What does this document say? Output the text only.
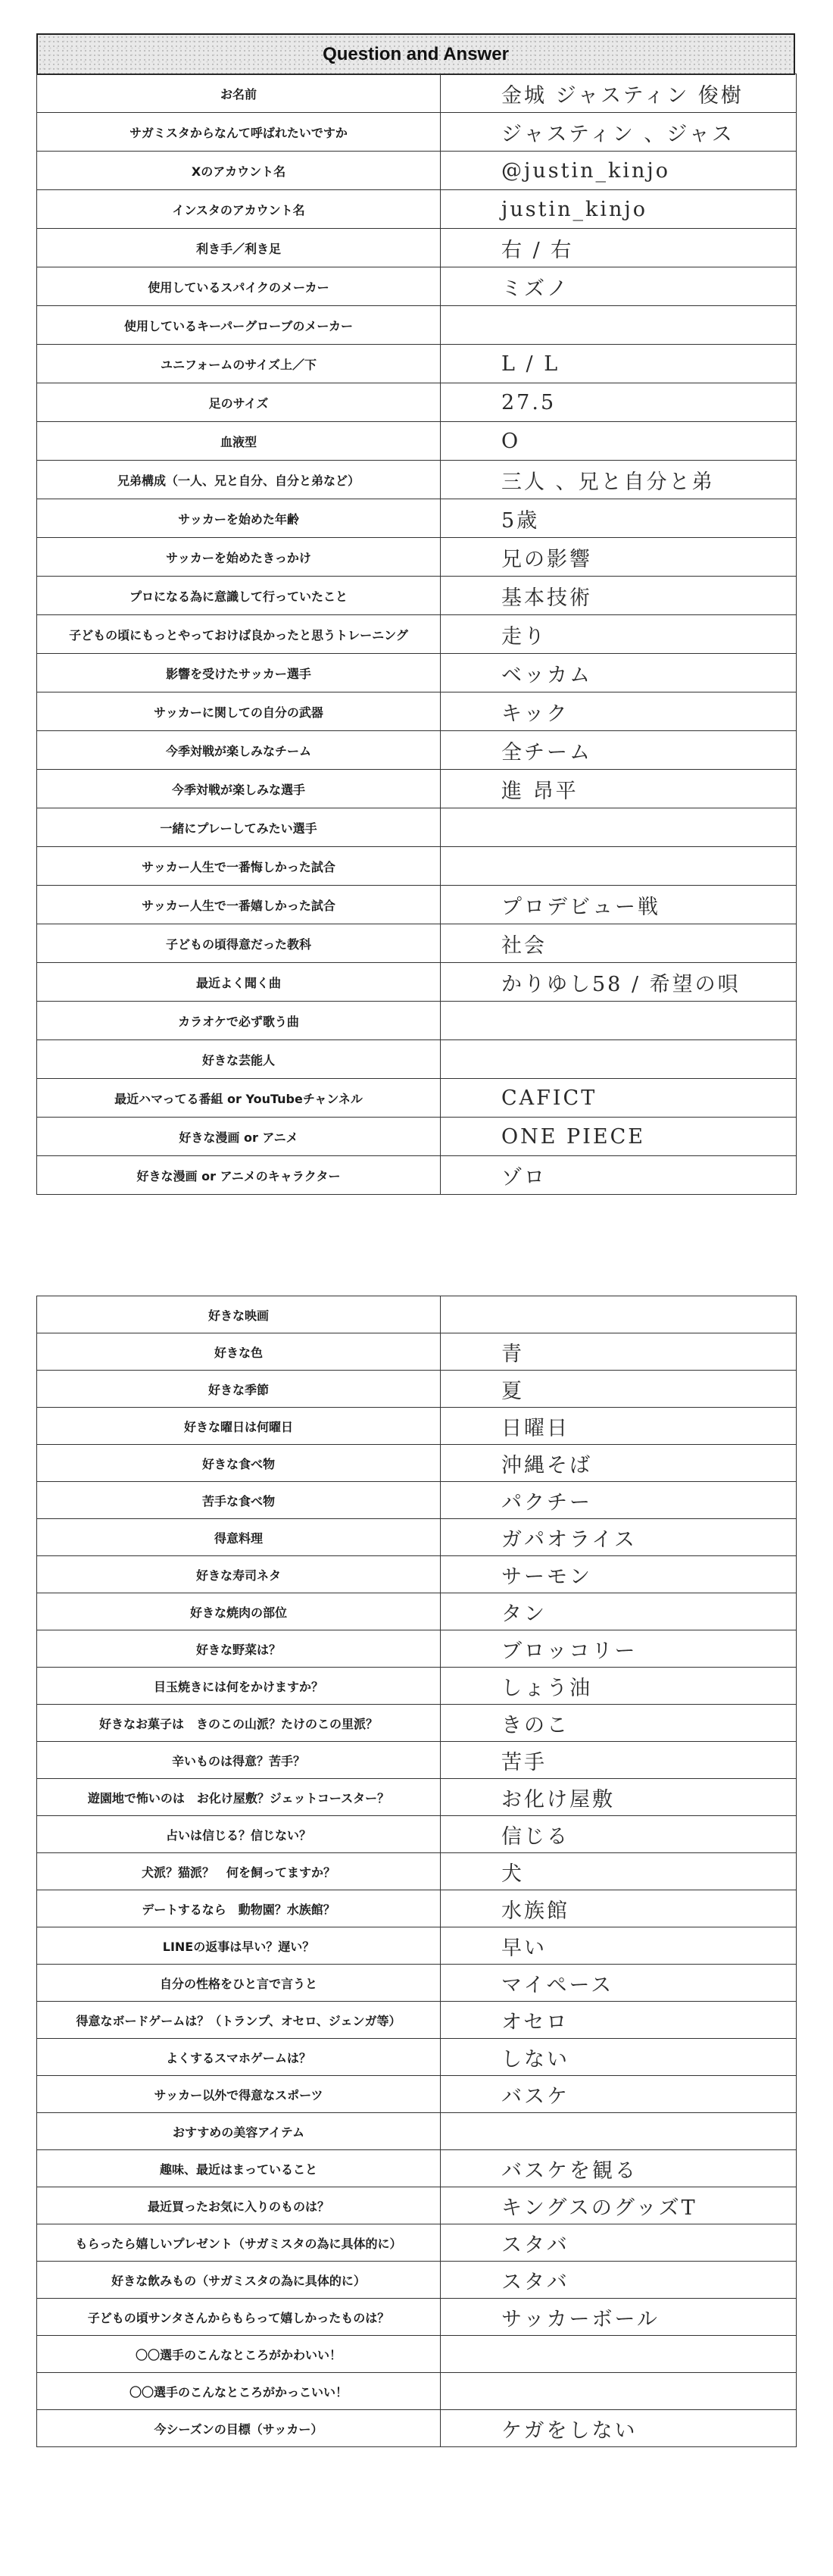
Question and Answer
お名前	金城 ジャスティン 俊樹
サガミスタからなんて呼ばれたいですか	ジャスティン 、ジャス
Xのアカウント名	@justin_kinjo
インスタのアカウント名	justin_kinjo
利き手／利き足	右 / 右
使用しているスパイクのメーカー	ミズノ
使用しているキーパーグローブのメーカー	
ユニフォームのサイズ上／下	L / L
足のサイズ	27.5
血液型	O
兄弟構成（一人、兄と自分、自分と弟など）	三人 、兄と自分と弟
サッカーを始めた年齢	5歳
サッカーを始めたきっかけ	兄の影響
プロになる為に意識して行っていたこと	基本技術
子どもの頃にもっとやっておけば良かったと思うトレーニング	走り
影響を受けたサッカー選手	ベッカム
サッカーに関しての自分の武器	キック
今季対戦が楽しみなチーム	全チーム
今季対戦が楽しみな選手	進 昂平
一緒にプレーしてみたい選手	
サッカー人生で一番悔しかった試合	
サッカー人生で一番嬉しかった試合	プロデビュー戦
子どもの頃得意だった教科	社会
最近よく聞く曲	かりゆし58 / 希望の唄
カラオケで必ず歌う曲	
好きな芸能人	
最近ハマってる番組 or YouTubeチャンネル	CAFICT
好きな漫画 or アニメ	ONE PIECE
好きな漫画 or アニメのキャラクター	ゾロ
好きな映画	
好きな色	青
好きな季節	夏
好きな曜日は何曜日	日曜日
好きな食べ物	沖縄そば
苦手な食べ物	パクチー
得意料理	ガパオライス
好きな寿司ネタ	サーモン
好きな焼肉の部位	タン
好きな野菜は？	ブロッコリー
目玉焼きには何をかけますか？	しょう油
好きなお菓子は　きのこの山派？たけのこの里派？	きのこ
辛いものは得意？苦手？	苦手
遊園地で怖いのは　お化け屋敷？ジェットコースター？	お化け屋敷
占いは信じる？信じない？	信じる
犬派？猫派？　何を飼ってますか？	犬
デートするなら　動物園？水族館？	水族館
LINEの返事は早い？遅い？	早い
自分の性格をひと言で言うと	マイペース
得意なボードゲームは？（トランプ、オセロ、ジェンガ等）	オセロ
よくするスマホゲームは？	しない
サッカー以外で得意なスポーツ	バスケ
おすすめの美容アイテム	
趣味、最近はまっていること	バスケを観る
最近買ったお気に入りのものは？	キングスのグッズT
もらったら嬉しいプレゼント（サガミスタの為に具体的に）	スタバ
好きな飲みもの（サガミスタの為に具体的に）	スタバ
子どもの頃サンタさんからもらって嬉しかったものは？	サッカーボール
〇〇選手のこんなところがかわいい！	
〇〇選手のこんなところがかっこいい！	
今シーズンの目標（サッカー）	ケガをしない
